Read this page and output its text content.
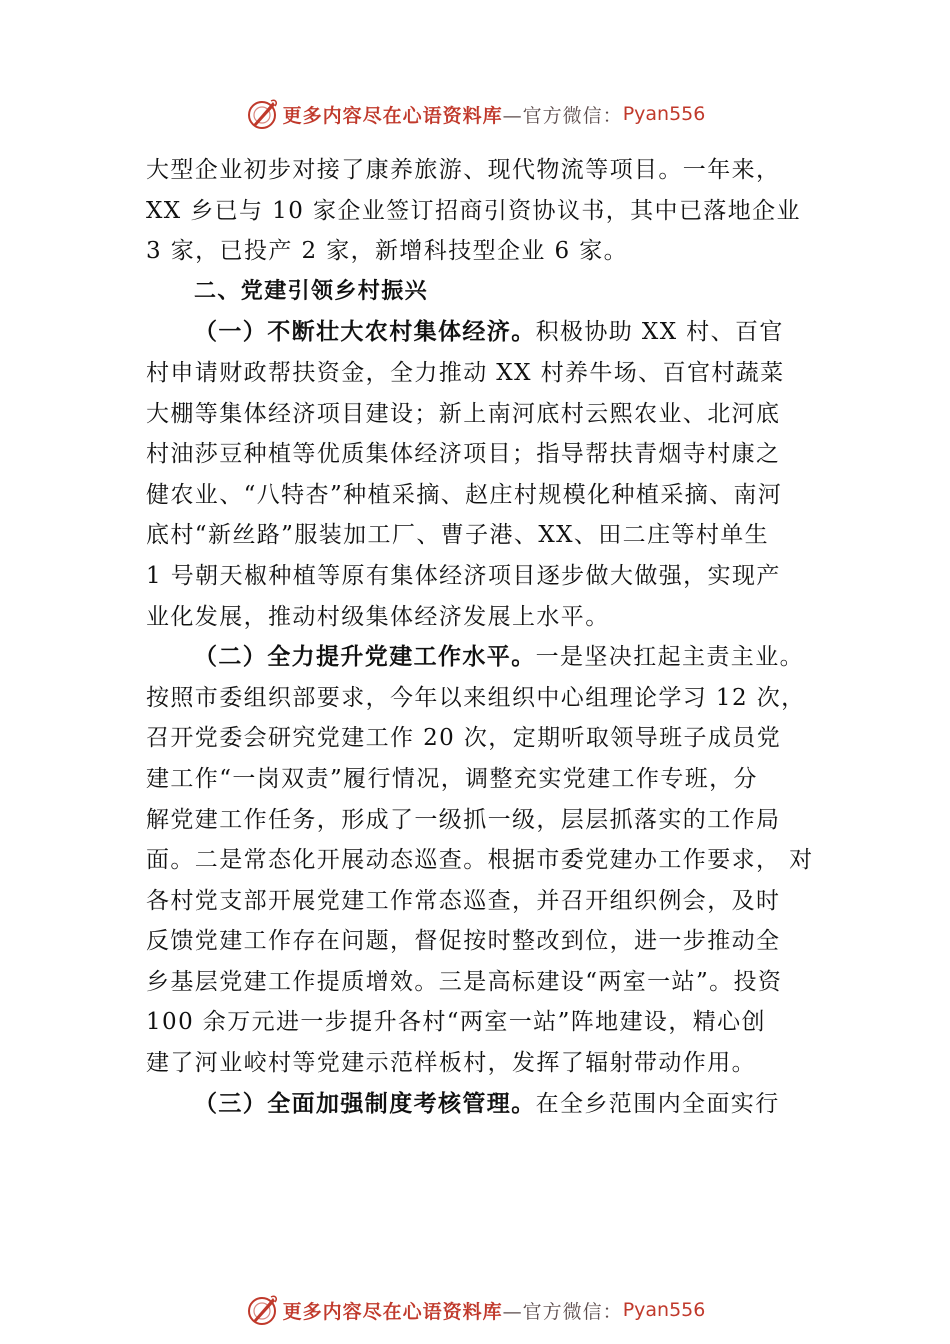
更多内容尽在心语资料库 —官方微信： Pyan556
大型企业初步对接了康养旅游、现代物流等项目。一年来，
XX 乡已与 10 家企业签订招商引资协议书，其中已落地企业
3 家，已投产 2 家，新增科技型企业 6 家。
二、党建引领乡村振兴
（一）不断壮大农村集体经济。积极协助 XX 村、百官
村申请财政帮扶资金，全力推动 XX 村养牛场、百官村蔬菜
大棚等集体经济项目建设；新上南河底村云熙农业、北河底
村油莎豆种植等优质集体经济项目；指导帮扶青烟寺村康之
健农业、“八特杏”种植采摘、赵庄村规模化种植采摘、南河
底村“新丝路”服装加工厂、曹子港、XX、田二庄等村单生
1 号朝天椒种植等原有集体经济项目逐步做大做强，实现产
业化发展，推动村级集体经济发展上水平。
（二）全力提升党建工作水平。一是坚决扛起主责主业。
按照市委组织部要求，今年以来组织中心组理论学习 12 次，
召开党委会研究党建工作 20 次，定期听取领导班子成员党
建工作“一岗双责”履行情况，调整充实党建工作专班，分
解党建工作任务，形成了一级抓一级，层层抓落实的工作局
面。二是常态化开展动态巡查。根据市委党建办工作要求， 对
各村党支部开展党建工作常态巡查，并召开组织例会，及时
反馈党建工作存在问题，督促按时整改到位，进一步推动全
乡基层党建工作提质增效。三是高标建设“两室一站”。投资
100 余万元进一步提升各村“两室一站”阵地建设，精心创
建了河业峧村等党建示范样板村，发挥了辐射带动作用。
（三）全面加强制度考核管理。在全乡范围内全面实行
更多内容尽在心语资料库 —官方微信： Pyan556
